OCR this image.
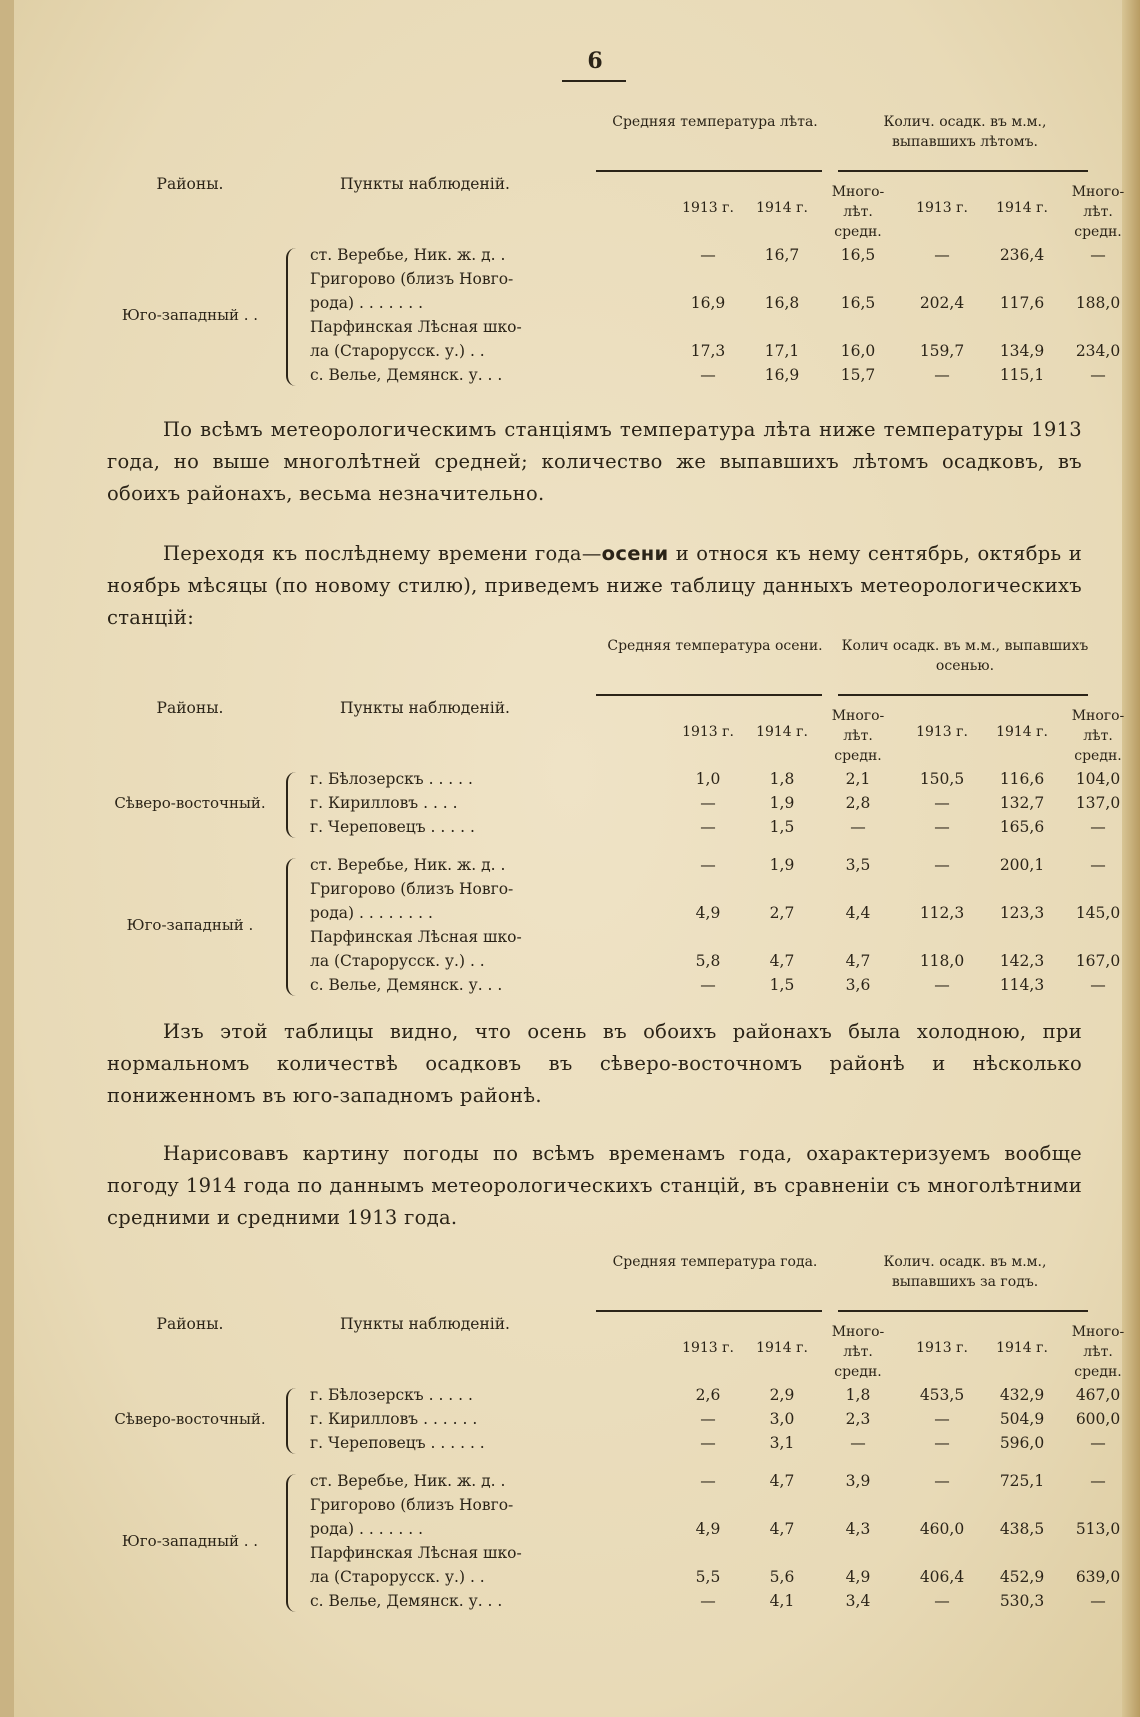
6
Районы.	Пункты наблюденій.
Средняя температура лѣта.	Колич. осадк. въ м.м., выпавшихъ лѣтомъ.
1913 г.	1914 г.
Много-лѣт. средн.
1913 г.	1914 г.
Много-лѣт. средн.
ст. Веребье, Ник. ж. д. .	—	16,7	16,5	—	236,4	—
Григорово (близъ Новго-
рода) . . . . . . .	16,9	16,8	16,5	202,4	117,6	188,0
Парфинская Лѣсная шко-
ла (Старорусск. у.) . .	17,3	17,1	16,0	159,7	134,9	234,0
с. Велье, Демянск. у. . .	—	16,9	15,7	—	115,1	—
Юго-западный . .
По всѣмъ метеорологическимъ станціямъ температура лѣта ниже температуры 1913 года, но выше многолѣтней средней; количество же выпавшихъ лѣтомъ осадковъ, въ обоихъ районахъ, весьма незначительно.
Переходя къ послѣднему времени года—осени и относя къ нему сентябрь, октябрь и ноябрь мѣсяцы (по новому стилю), приведемъ ниже таблицу данныхъ метеорологическихъ станцій:
Районы.	Пункты наблюденій.
Средняя температура осени.	Колич осадк. въ м.м., выпавшихъ осенью.
1913 г.	1914 г.
Много-лѣт. средн.
1913 г.	1914 г.
Много-лѣт. средн.
г. Бѣлозерскъ . . . . .	1,0	1,8	2,1	150,5	116,6	104,0
г. Кирилловъ . . . .	—	1,9	2,8	—	132,7	137,0
г. Череповецъ . . . . .	—	1,5	—	—	165,6	—
Сѣверо-восточный.
ст. Веребье, Ник. ж. д. .	—	1,9	3,5	—	200,1	—
Григорово (близъ Новго-
рода) . . . . . . . .	4,9	2,7	4,4	112,3	123,3	145,0
Парфинская Лѣсная шко-
ла (Старорусск. у.) . .	5,8	4,7	4,7	118,0	142,3	167,0
с. Велье, Демянск. у. . .	—	1,5	3,6	—	114,3	—
Юго-западный .
Изъ этой таблицы видно, что осень въ обоихъ районахъ была холодною, при нормальномъ количествѣ осадковъ въ сѣверо-восточномъ районѣ и нѣсколько пониженномъ въ юго-западномъ районѣ.
Нарисовавъ картину погоды по всѣмъ временамъ года, охарактеризуемъ вообще погоду 1914 года по даннымъ метеорологическихъ станцій, въ сравненіи съ многолѣтними средними и средними 1913 года.
Районы.	Пункты наблюденій.
Средняя температура года.	Колич. осадк. въ м.м., выпавшихъ за годъ.
1913 г.	1914 г.
Много-лѣт. средн.
1913 г.	1914 г.
Много-лѣт. средн.
г. Бѣлозерскъ . . . . .	2,6	2,9	1,8	453,5	432,9	467,0
г. Кирилловъ . . . . . .	—	3,0	2,3	—	504,9	600,0
г. Череповецъ . . . . . .	—	3,1	—	—	596,0	—
Сѣверо-восточный.
ст. Веребье, Ник. ж. д. .	—	4,7	3,9	—	725,1	—
Григорово (близъ Новго-
рода) . . . . . . .	4,9	4,7	4,3	460,0	438,5	513,0
Парфинская Лѣсная шко-
ла (Старорусск. у.) . .	5,5	5,6	4,9	406,4	452,9	639,0
с. Велье, Демянск. у. . .	—	4,1	3,4	—	530,3	—
Юго-западный . .
